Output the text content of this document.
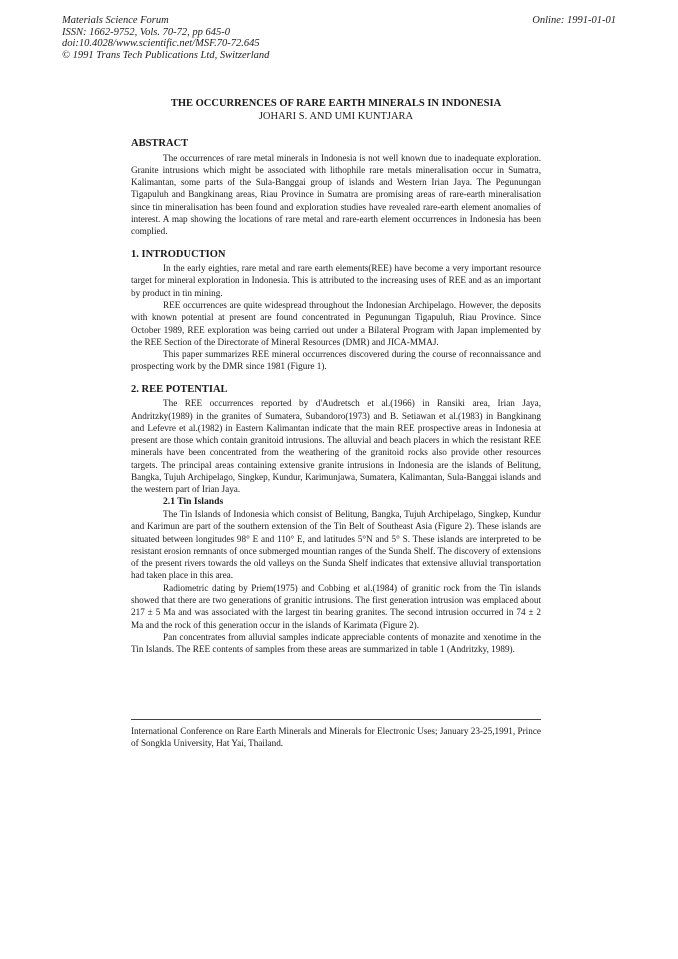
Materials Science Forum
ISSN: 1662-9752, Vols. 70-72, pp 645-0
doi:10.4028/www.scientific.net/MSF.70-72.645
© 1991 Trans Tech Publications Ltd, Switzerland
Online: 1991-01-01
THE OCCURRENCES OF RARE EARTH MINERALS IN INDONESIA
JOHARI S. AND UMI KUNTJARA
ABSTRACT

The occurrences of rare metal minerals in Indonesia is not well known due to inadequate exploration. Granite intrusions which might be associated with lithophile rare metals mineralisation occur in Sumatra, Kalimantan, some parts of the Sula-Banggai group of islands and Western Irian Jaya. The Pegunungan Tigapuluh and Bangkinang areas, Riau Province in Sumatra are promising areas of rare-earth mineralisation since tin mineralisation has been found and exploration studies have revealed rare-earth element anomalies of interest. A map showing the locations of rare metal and rare-earth element occurrences in Indonesia has been complied.

1. INTRODUCTION

In the early eighties, rare metal and rare earth elements(REE) have become a very important resource target for mineral exploration in Indonesia. This is attributed to the increasing uses of REE and as an important by product in tin mining.

REE occurrences are quite widespread throughout the Indonesian Archipelago. However, the deposits with known potential at present are found concentrated in Pegunungan Tigapuluh, Riau Province. Since October 1989, REE exploration was being carried out under a Bilateral Program with Japan implemented by the REE Section of the Directorate of Mineral Resources (DMR) and JICA-MMAJ.

This paper summarizes REE mineral occurrences discovered during the course of reconnaissance and prospecting work by the DMR since 1981 (Figure 1).

2. REE POTENTIAL

The REE occurrences reported by d'Audretsch et al.(1966) in Ransiki area, Irian Jaya, Andritzky(1989) in the granites of Sumatera, Subandoro(1973) and B. Setiawan et al.(1983) in Bangkinang and Lefevre et al.(1982) in Eastern Kalimantan indicate that the main REE prospective areas in Indonesia at present are those which contain granitoid intrusions. The alluvial and beach placers in which the resistant REE minerals have been concentrated from the weathering of the granitoid rocks also provide other resources targets. The principal areas containing extensive granite intrusions in Indonesia are the islands of Belitung, Bangka, Tujuh Archipelago, Singkep, Kundur, Karimunjawa, Sumatera, Kalimantan, Sula-Banggai islands and the western part of Irian Jaya.

2.1 Tin Islands

The Tin Islands of Indonesia which consist of Belitung, Bangka, Tujuh Archipelago, Singkep, Kundur and Karimun are part of the southern extension of the Tin Belt of Southeast Asia (Figure 2). These islands are situated between longitudes 98° E and 110° E, and latitudes 5°N and 5° S. These islands are interpreted to be resistant erosion remnants of once submerged mountian ranges of the Sunda Shelf. The discovery of extensions of the present rivers towards the old valleys on the Sunda Shelf indicates that extensive alluvial transportation had taken place in this area.

Radiometric dating by Priem(1975) and Cobbing et al.(1984) of granitic rock from the Tin islands showed that there are two generations of granitic intrusions. The first generation intrusion was emplaced about 217 ± 5 Ma and was associated with the largest tin bearing granites. The second intrusion occurred in 74 ± 2 Ma and the rock of this generation occur in the islands of Karimata (Figure 2).

Pan concentrates from alluvial samples indicate appreciable contents of monazite and xenotime in the Tin Islands. The REE contents of samples from these areas are summarized in table 1 (Andritzky, 1989).

International Conference on Rare Earth Minerals and Minerals for Electronic Uses; January 23-25,1991, Prince of Songkla University, Hat Yai, Thailand.
